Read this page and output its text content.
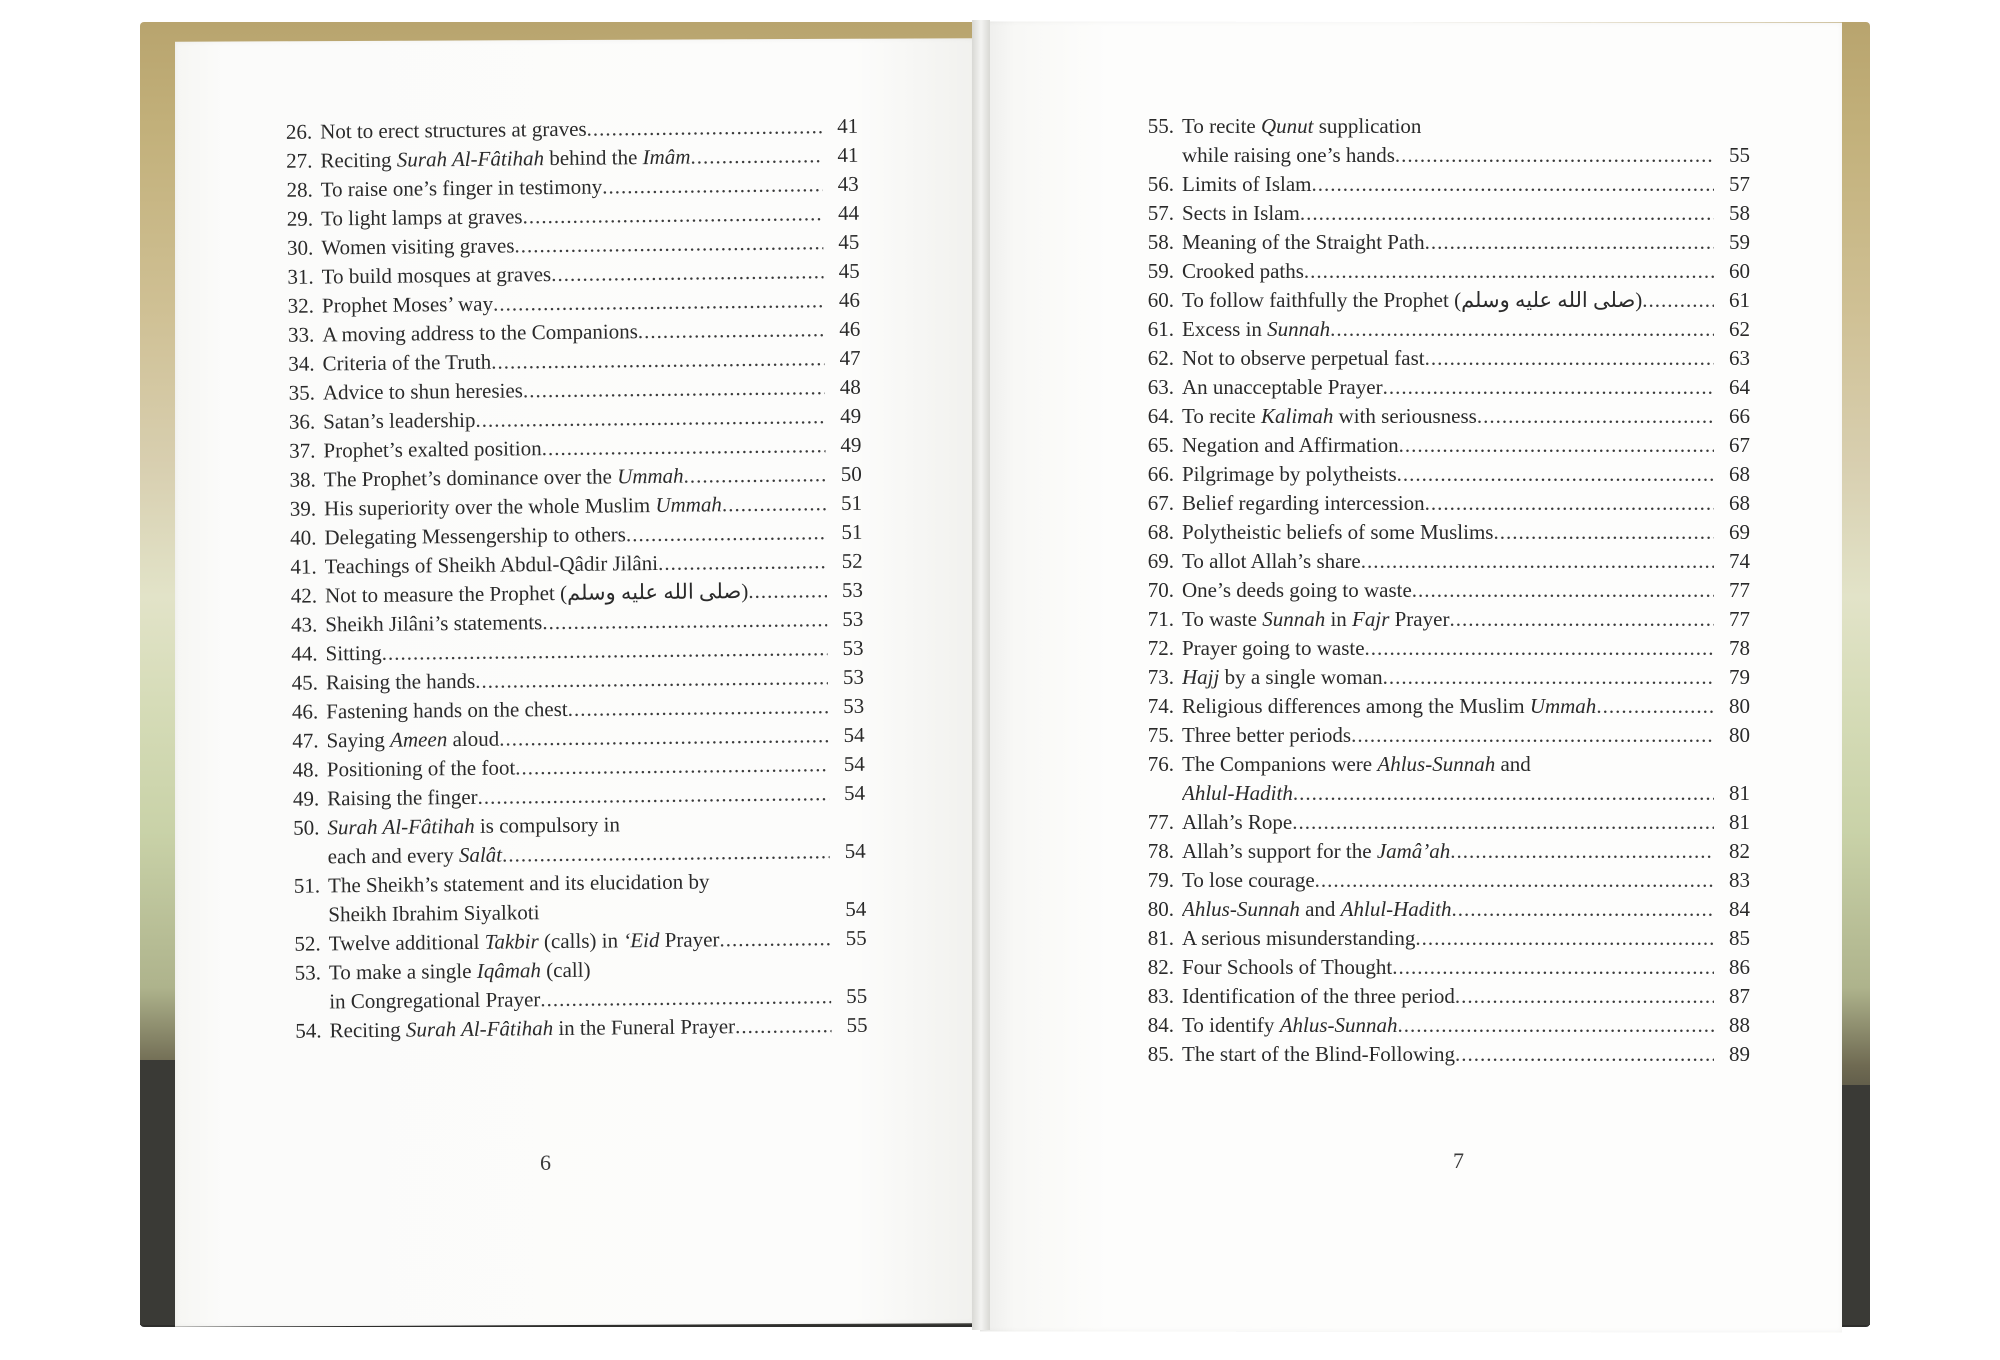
26. Not to erect structures at graves .....	41
27. Reciting Surah Al-Fâtihah behind the Imâm .....	41
28. To raise one’s finger in testimony .....	43
29. To light lamps at graves .....	44
30. Women visiting graves .....	45
31. To build mosques at graves .....	45
32. Prophet Moses’ way .....	46
33. A moving address to the Companions .....	46
34. Criteria of the Truth .....	47
35. Advice to shun heresies .....	48
36. Satan’s leadership .....	49
37. Prophet’s exalted position .....	49
38. The Prophet’s dominance over the Ummah .....	50
39. His superiority over the whole Muslim Ummah .....	51
40. Delegating Messengership to others .....	51
41. Teachings of Sheikh Abdul-Qâdir Jilâni .....	52
42. Not to measure the Prophet (صلى الله عليه وسلم) .....	53
43. Sheikh Jilâni’s statements .....	53
44. Sitting .....	53
45. Raising the hands .....	53
46. Fastening hands on the chest .....	53
47. Saying Ameen aloud .....	54
48. Positioning of the foot .....	54
49. Raising the finger .....	54
50. Surah Al-Fâtihah is compulsory in
each and every Salât .....	54
51. The Sheikh’s statement and its elucidation by
Sheikh Ibrahim Siyalkoti	54
52. Twelve additional Takbir (calls) in ‘Eid Prayer .....	55
53. To make a single Iqâmah (call)
in Congregational Prayer .....	55
54. Reciting Surah Al-Fâtihah in the Funeral Prayer .....	55
55. To recite Qunut supplication
while raising one’s hands .....	55
56. Limits of Islam .....	57
57. Sects in Islam .....	58
58. Meaning of the Straight Path .....	59
59. Crooked paths .....	60
60. To follow faithfully the Prophet (صلى الله عليه وسلم) .....	61
61. Excess in Sunnah .....	62
62. Not to observe perpetual fast .....	63
63. An unacceptable Prayer .....	64
64. To recite Kalimah with seriousness .....	66
65. Negation and Affirmation .....	67
66. Pilgrimage by polytheists .....	68
67. Belief regarding intercession .....	68
68. Polytheistic beliefs of some Muslims .....	69
69. To allot Allah’s share .....	74
70. One’s deeds going to waste .....	77
71. To waste Sunnah in Fajr Prayer .....	77
72. Prayer going to waste .....	78
73. Hajj by a single woman .....	79
74. Religious differences among the Muslim Ummah .....	80
75. Three better periods .....	80
76. The Companions were Ahlus-Sunnah and
Ahlul-Hadith .....	81
77. Allah’s Rope .....	81
78. Allah’s support for the Jamâ’ah .....	82
79. To lose courage .....	83
80. Ahlus-Sunnah and Ahlul-Hadith .....	84
81. A serious misunderstanding .....	85
82. Four Schools of Thought .....	86
83. Identification of the three period .....	87
84. To identify Ahlus-Sunnah .....	88
85. The start of the Blind-Following .....	89
6	7
